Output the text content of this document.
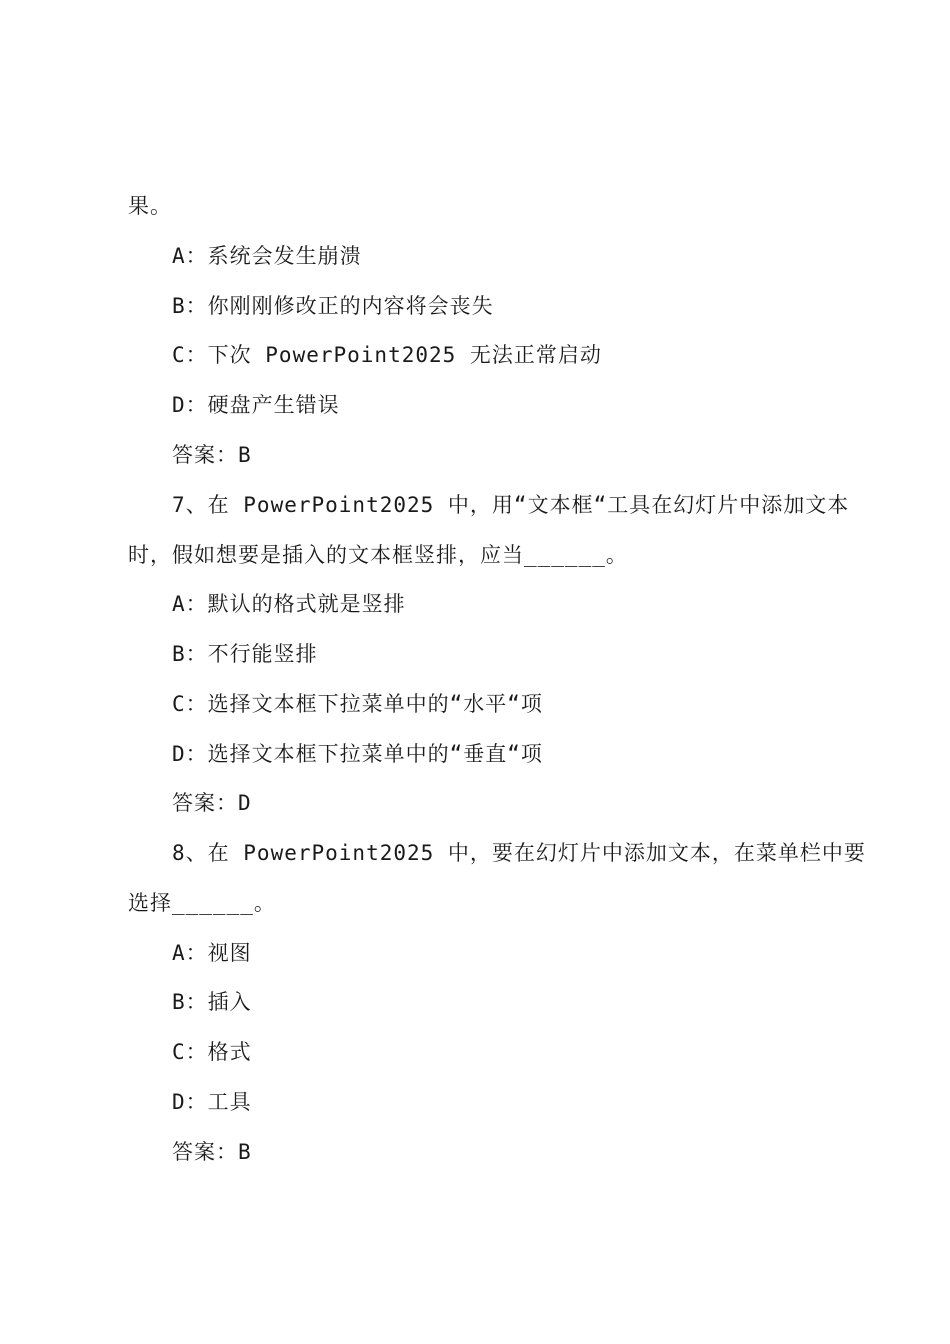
果。
A：系统会发生崩溃
B：你刚刚修改正的内容将会丧失
C：下次 PowerPoint2025 无法正常启动
D：硬盘产生错误
答案：B
7、在 PowerPoint2025 中，用“文本框“工具在幻灯片中添加文本
时，假如想要是插入的文本框竖排，应当______。
A：默认的格式就是竖排
B：不行能竖排
C：选择文本框下拉菜单中的“水平“项
D：选择文本框下拉菜单中的“垂直“项
答案：D
8、在 PowerPoint2025 中，要在幻灯片中添加文本，在菜单栏中要
选择______。
A：视图
B：插入
C：格式
D：工具
答案：B
